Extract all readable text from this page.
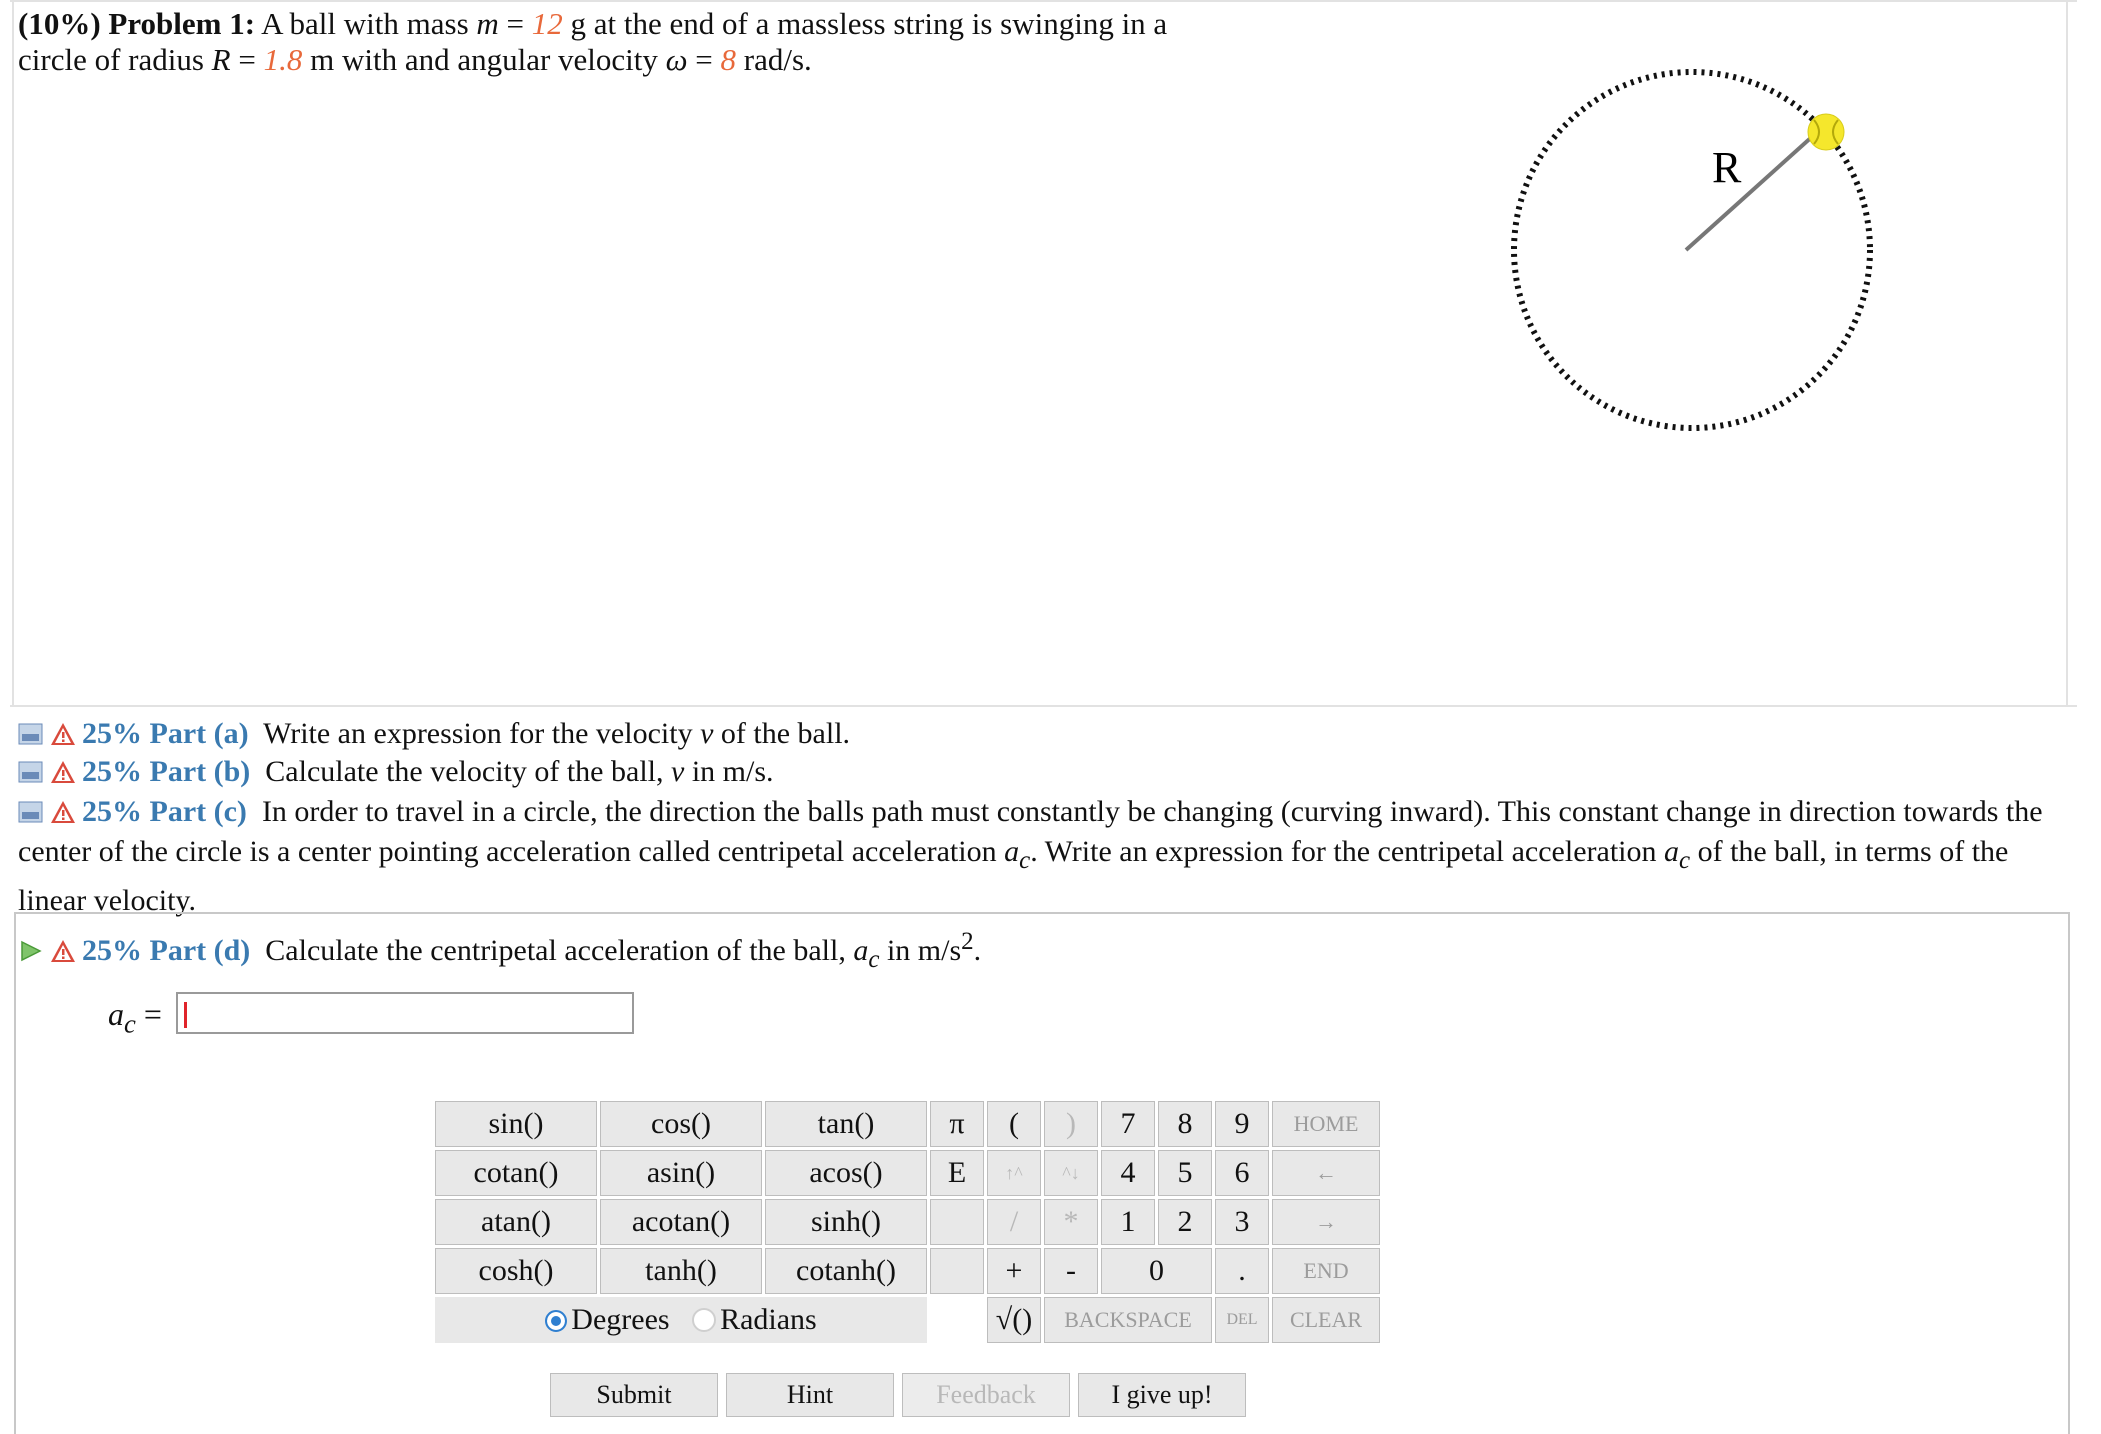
(10%) Problem 1: A ball with mass m = 12 g at the end of a massless string is swinging in a
circle of radius R = 1.8 m with and angular velocity ω = 8 rad/s.
R
25% Part (a) Write an expression for the velocity v of the ball.
25% Part (b) Calculate the velocity of the ball, v in m/s.
25% Part (c) In order to travel in a circle, the direction the balls path must constantly be changing (curving inward). This constant change in direction towards the center of the circle is a center pointing acceleration called centripetal acceleration $a_c$. Write an expression for the centripetal acceleration $a_c$ of the ball, in terms of the linear velocity.
25% Part (d) Calculate the centripetal acceleration of the ball, $a_c$ in $m/s^2$.
$a_c$ =
sin()	cos()	tan()	π	(	)	7	8	9	HOME
cotan()	asin()	acos()	E	↑^	^↓	4	5	6	←
atan()	acotan()	sinh()		/	*	1	2	3	→
cosh()	tanh()	cotanh()		+	-	0		.	END
Degrees Radians				√()	BACKSPACE			DEL	CLEAR
Submit	Hint	Feedback	I give up!
